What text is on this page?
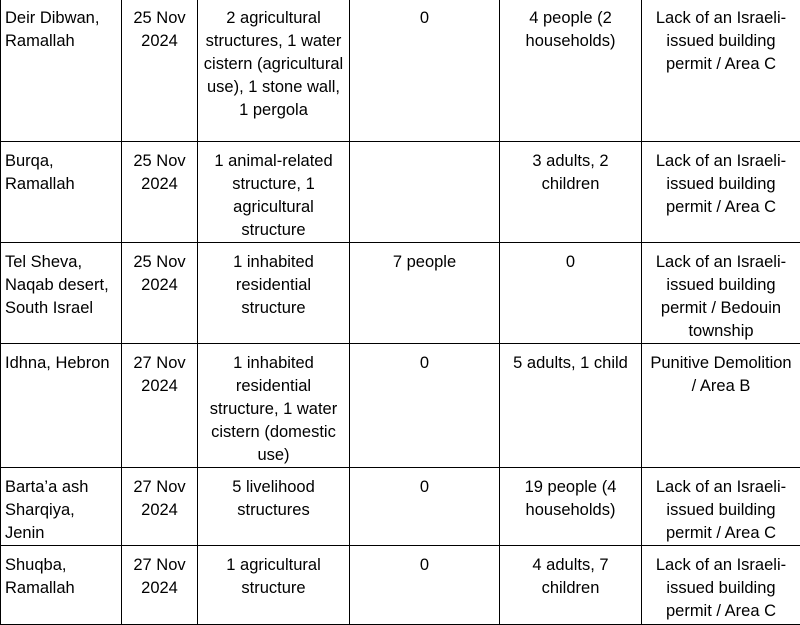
Deir Dibwan, Ramallah	25 Nov 2024	2 agricultural structures, 1 water cistern (agricultural use), 1 stone wall, 1 pergola	0	4 people (2 households)	Lack of an Israeli-issued building permit / Area C
Burqa, Ramallah	25 Nov 2024	1 animal-related structure, 1 agricultural structure		3 adults, 2 children	Lack of an Israeli-issued building permit / Area C
Tel Sheva, Naqab desert, South Israel	25 Nov 2024	1 inhabited residential structure	7 people	0	Lack of an Israeli-issued building permit / Bedouin township
Idhna, Hebron	27 Nov 2024	1 inhabited residential structure, 1 water cistern (domestic use)	0	5 adults, 1 child	Punitive Demolition / Area B
Barta’a ash Sharqiya, Jenin	27 Nov 2024	5 livelihood structures	0	19 people (4 households)	Lack of an Israeli-issued building permit / Area C
Shuqba, Ramallah	27 Nov 2024	1 agricultural structure	0	4 adults, 7 children	Lack of an Israeli-issued building permit / Area C
